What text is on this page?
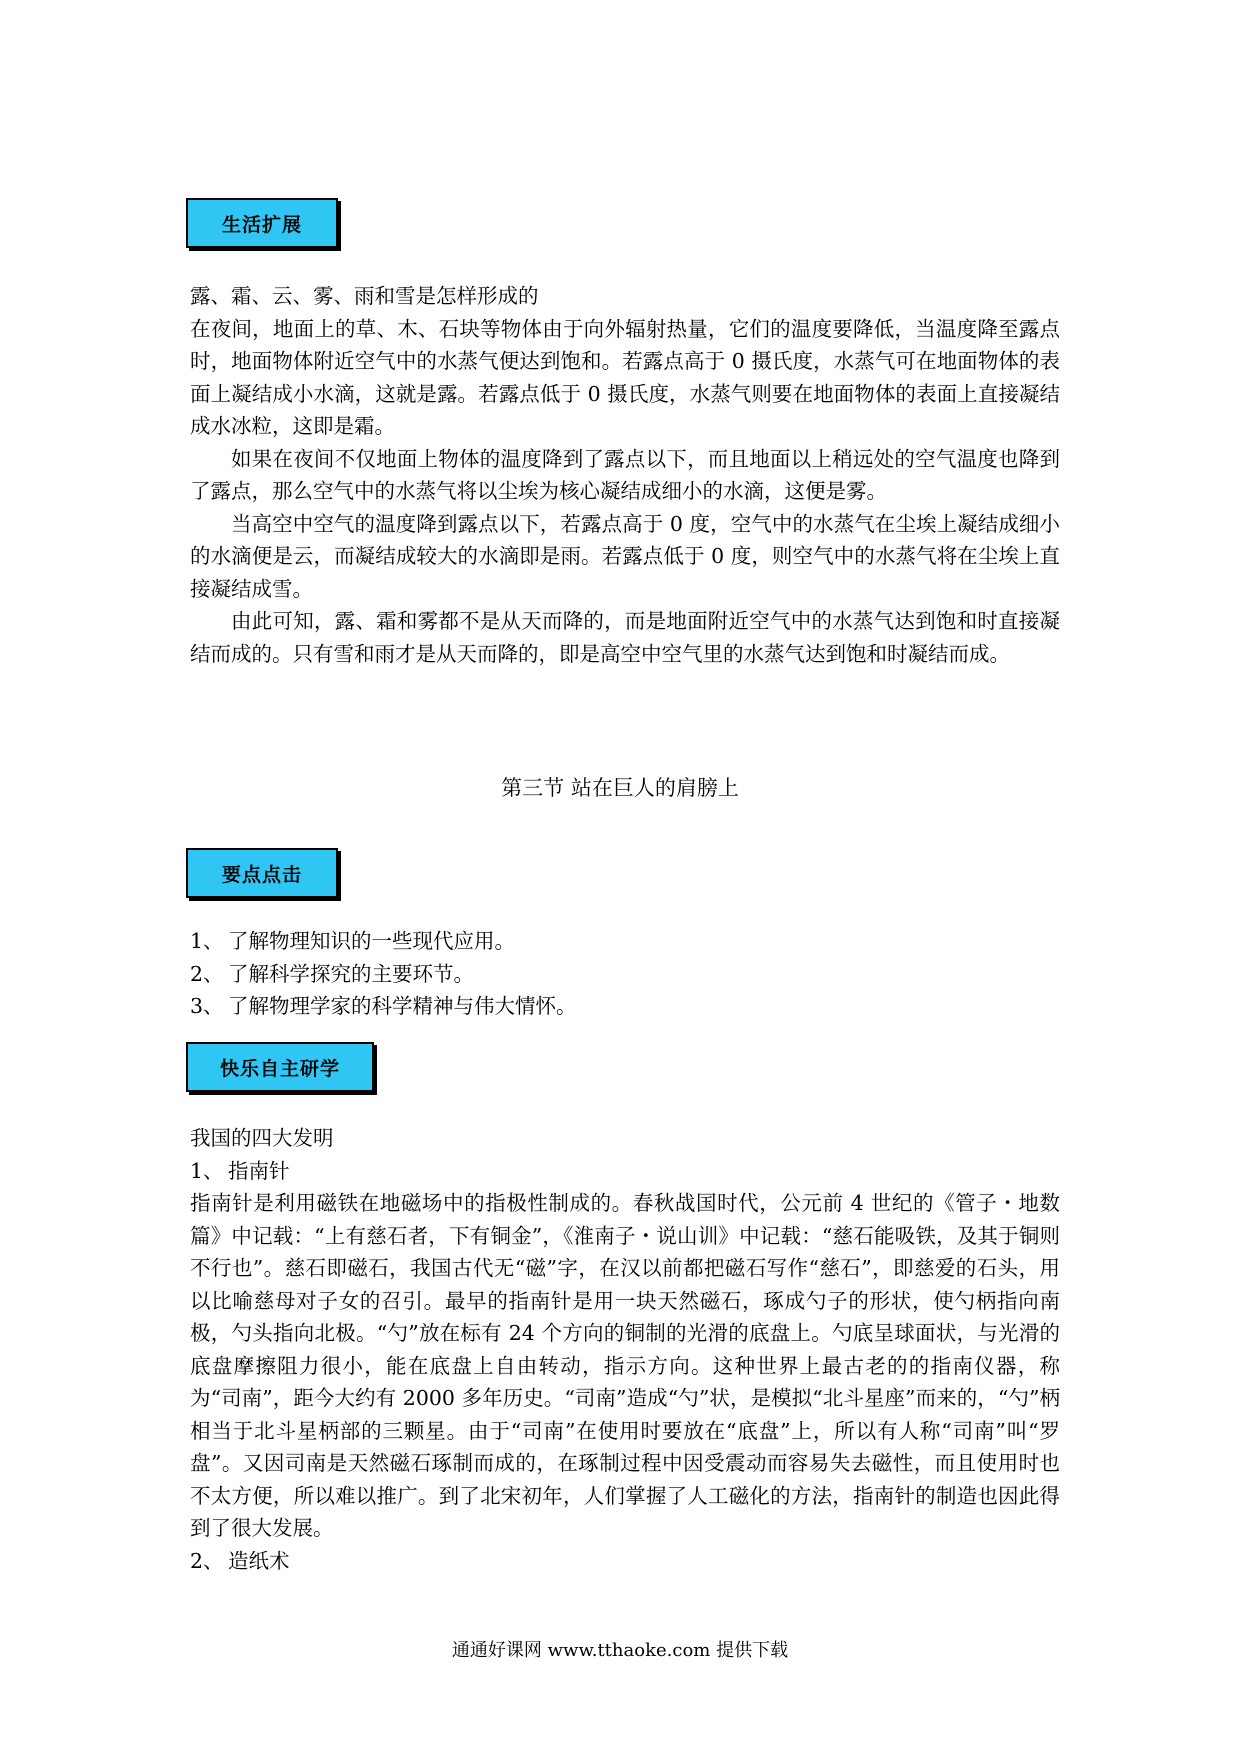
生活扩展

露、霜、云、雾、雨和雪是怎样形成的

在夜间，地面上的草、木、石块等物体由于向外辐射热量，它们的温度要降低，当温度降至露点时，地面物体附近空气中的水蒸气便达到饱和。若露点高于 0 摄氏度，水蒸气可在地面物体的表面上凝结成小水滴，这就是露。若露点低于 0 摄氏度，水蒸气则要在地面物体的表面上直接凝结成水冰粒，这即是霜。

如果在夜间不仅地面上物体的温度降到了露点以下，而且地面以上稍远处的空气温度也降到了露点，那么空气中的水蒸气将以尘埃为核心凝结成细小的水滴，这便是雾。

当高空中空气的温度降到露点以下，若露点高于 0 度，空气中的水蒸气在尘埃上凝结成细小的水滴便是云，而凝结成较大的水滴即是雨。若露点低于 0 度，则空气中的水蒸气将在尘埃上直接凝结成雪。

由此可知，露、霜和雾都不是从天而降的，而是地面附近空气中的水蒸气达到饱和时直接凝结而成的。只有雪和雨才是从天而降的，即是高空中空气里的水蒸气达到饱和时凝结而成。

第三节 站在巨人的肩膀上
要点点击
1、 了解物理知识的一些现代应用。
2、 了解科学探究的主要环节。
3、 了解物理学家的科学精神与伟大情怀。
快乐自主研学

我国的四大发明

1、 指南针

指南针是利用磁铁在地磁场中的指极性制成的。春秋战国时代，公元前 4 世纪的《管子・地数篇》中记载：“上有慈石者，下有铜金”，《淮南子・说山训》中记载：“慈石能吸铁，及其于铜则不行也”。慈石即磁石，我国古代无“磁”字，在汉以前都把磁石写作“慈石”，即慈爱的石头，用以比喻慈母对子女的召引。最早的指南针是用一块天然磁石，琢成勺子的形状，使勺柄指向南极，勺头指向北极。“勺”放在标有 24 个方向的铜制的光滑的底盘上。勺底呈球面状，与光滑的底盘摩擦阻力很小，能在底盘上自由转动，指示方向。这种世界上最古老的的指南仪器，称为“司南”，距今大约有 2000 多年历史。“司南”造成“勺”状，是模拟“北斗星座”而来的，“勺”柄相当于北斗星柄部的三颗星。由于“司南”在使用时要放在“底盘”上，所以有人称“司南”叫“罗盘”。又因司南是天然磁石琢制而成的，在琢制过程中因受震动而容易失去磁性，而且使用时也不太方便，所以难以推广。到了北宋初年，人们掌握了人工磁化的方法，指南针的制造也因此得到了很大发展。

2、 造纸术
通通好课网 www.tthaoke.com 提供下载
